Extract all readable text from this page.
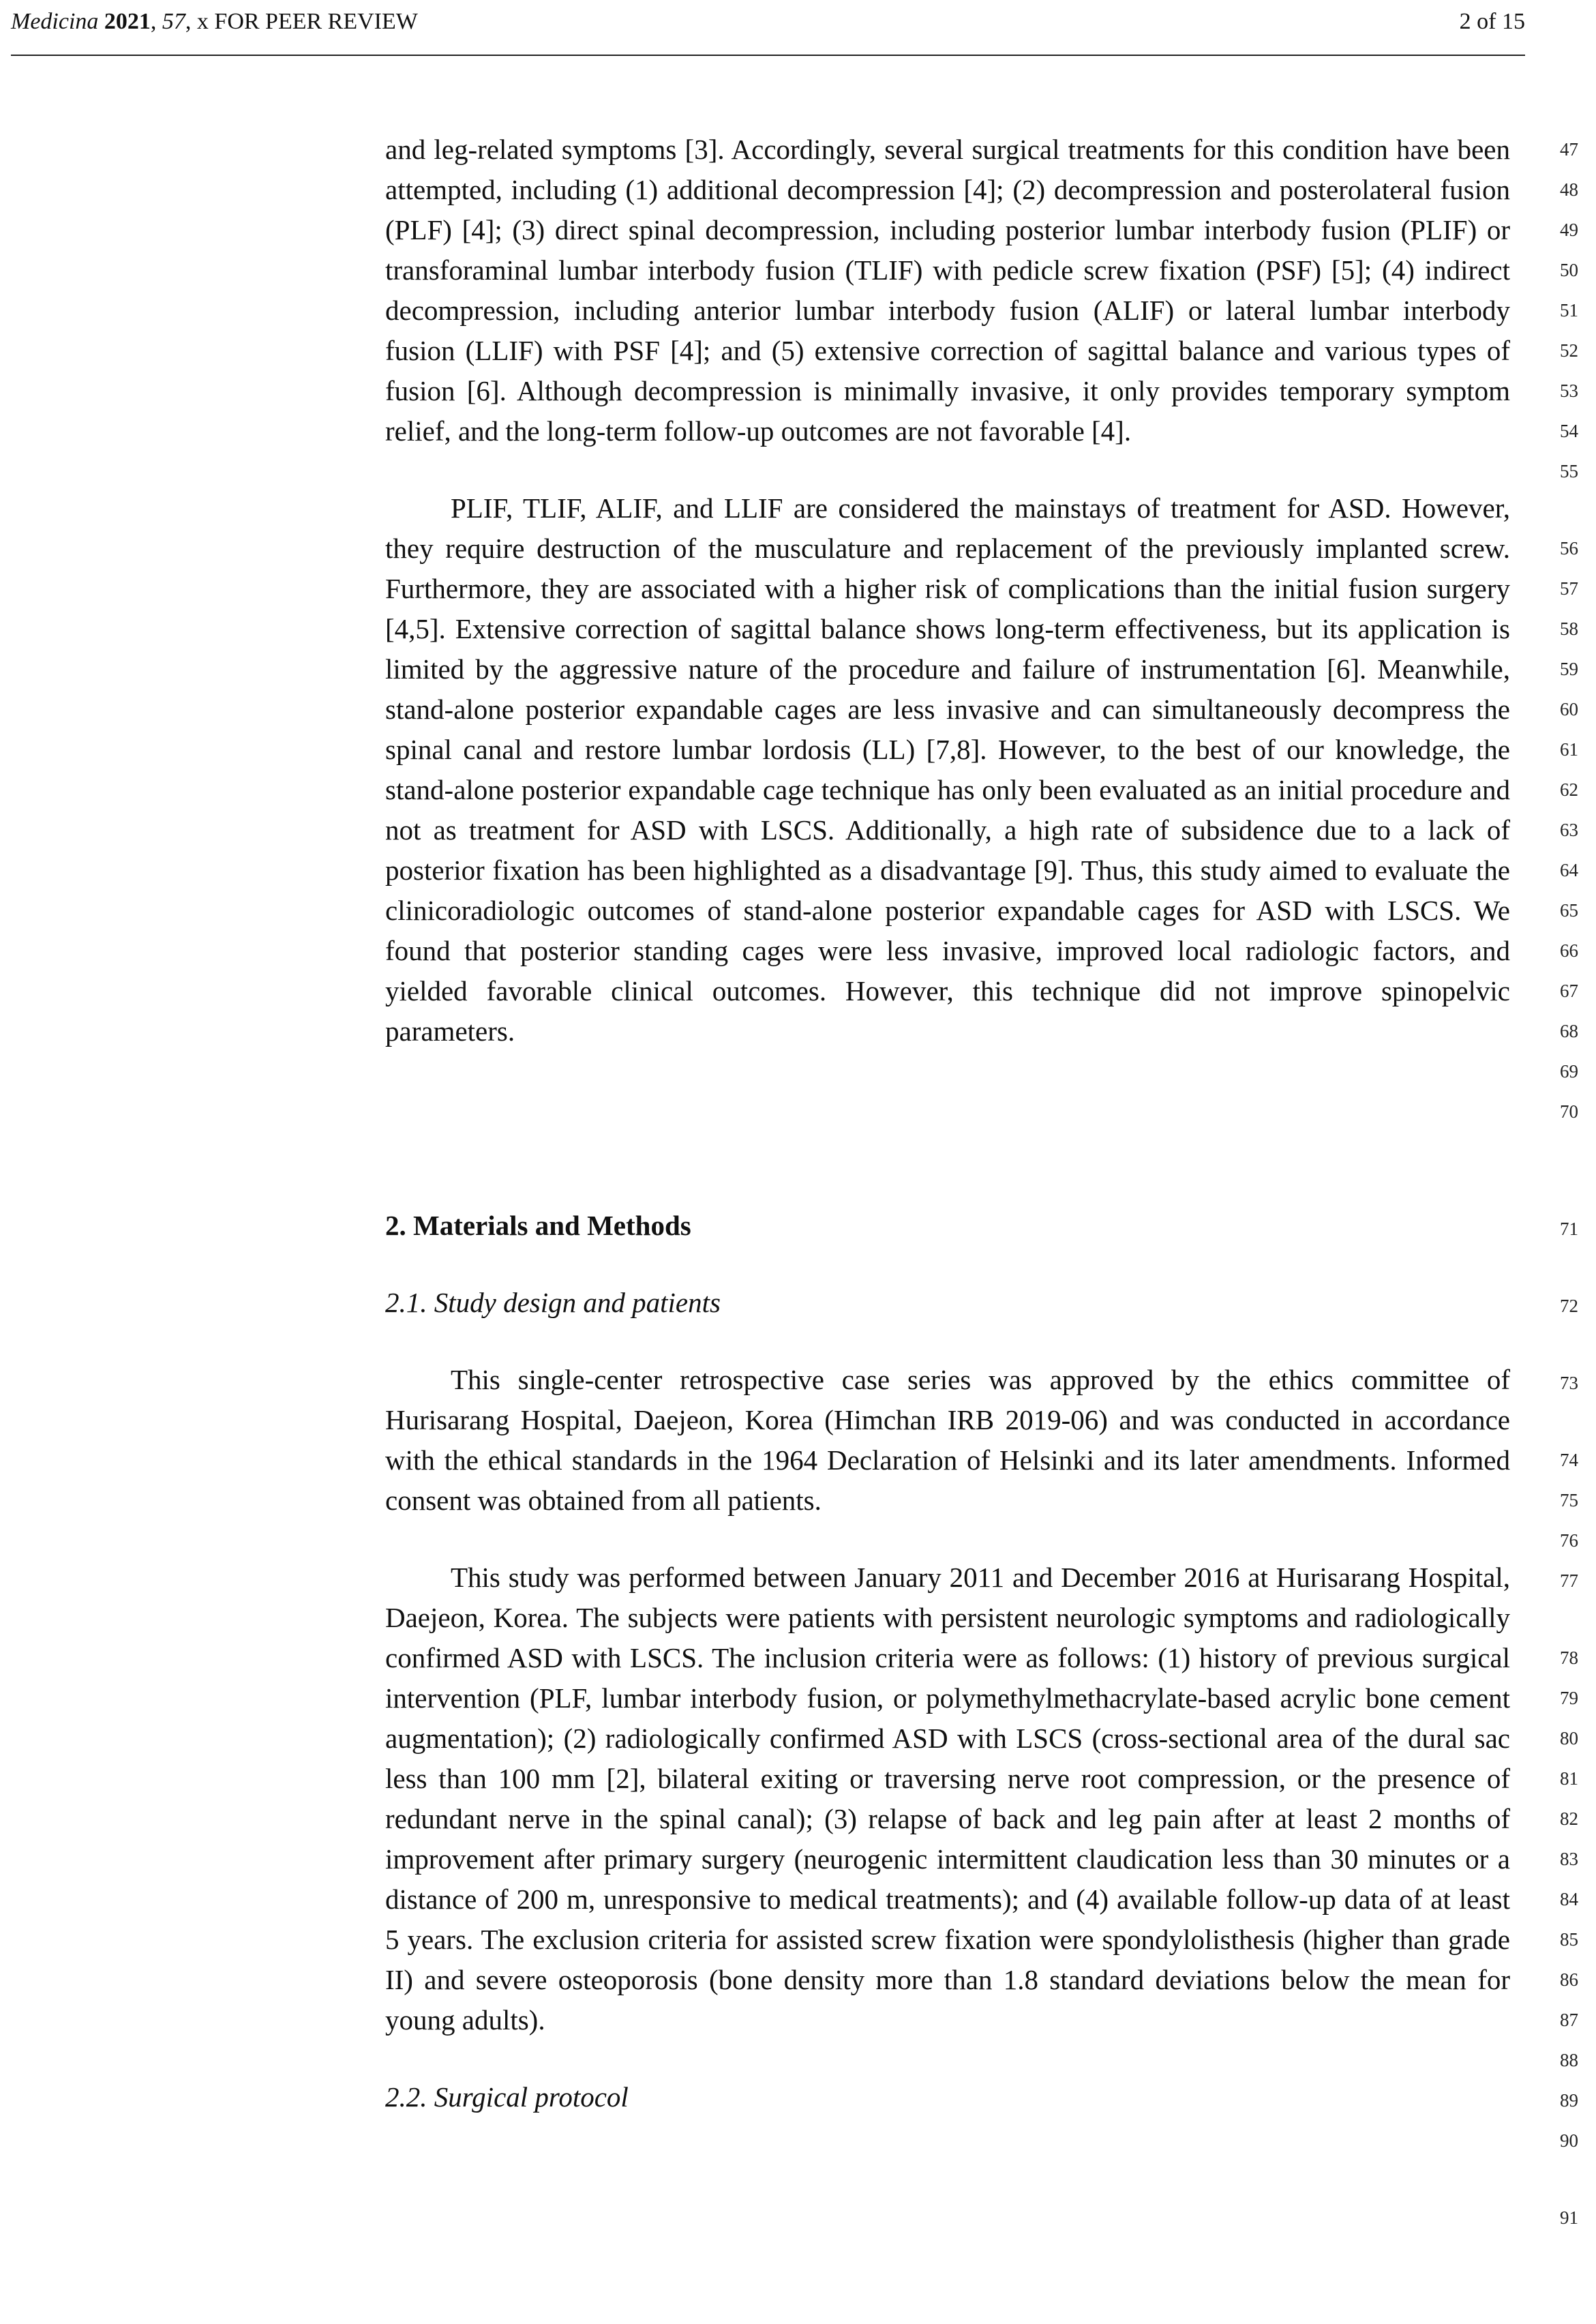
Medicina 2021, 57, x FOR PEER REVIEW	2 of 15

and leg-related symptoms [3]. Accordingly, several surgical treatments for this condition have been attempted, including (1) additional decompression [4]; (2) decompression and posterolateral fusion (PLF) [4]; (3) direct spinal decompression, including posterior lumbar interbody fusion (PLIF) or transforaminal lumbar interbody fusion (TLIF) with pedicle screw fixation (PSF) [5]; (4) indirect decompression, including anterior lumbar interbody fusion (ALIF) or lateral lumbar interbody fusion (LLIF) with PSF [4]; and (5) extensive correction of sagittal balance and various types of fusion [6]. Although decompression is minimally invasive, it only provides temporary symptom relief, and the long-term follow-up outcomes are not favorable [4].

PLIF, TLIF, ALIF, and LLIF are considered the mainstays of treatment for ASD. However, they require destruction of the musculature and replacement of the previously implanted screw. Furthermore, they are associated with a higher risk of complications than the initial fusion surgery [4,5]. Extensive correction of sagittal balance shows long-term effectiveness, but its application is limited by the aggressive nature of the procedure and failure of instrumentation [6]. Meanwhile, stand-alone posterior expandable cages are less invasive and can simultaneously decompress the spinal canal and restore lumbar lordosis (LL) [7,8]. However, to the best of our knowledge, the stand-alone posterior expandable cage technique has only been evaluated as an initial procedure and not as treatment for ASD with LSCS. Additionally, a high rate of subsidence due to a lack of posterior fixation has been highlighted as a disadvantage [9]. Thus, this study aimed to evaluate the clinicoradiologic outcomes of stand-alone posterior expandable cages for ASD with LSCS. We found that posterior standing cages were less invasive, improved local radiologic factors, and yielded favorable clinical outcomes. However, this technique did not improve spinopelvic parameters.

2. Materials and Methods

2.1. Study design and patients

This single-center retrospective case series was approved by the ethics committee of Hurisarang Hospital, Daejeon, Korea (Himchan IRB 2019-06) and was conducted in accordance with the ethical standards in the 1964 Declaration of Helsinki and its later amendments. Informed consent was obtained from all patients.

This study was performed between January 2011 and December 2016 at Hurisarang Hospital, Daejeon, Korea. The subjects were patients with persistent neurologic symptoms and radiologically confirmed ASD with LSCS. The inclusion criteria were as follows: (1) history of previous surgical intervention (PLF, lumbar interbody fusion, or polymethylmethacrylate-based acrylic bone cement augmentation); (2) radiologically confirmed ASD with LSCS (cross-sectional area of the dural sac less than 100 mm [2], bilateral exiting or traversing nerve root compression, or the presence of redundant nerve in the spinal canal); (3) relapse of back and leg pain after at least 2 months of improvement after primary surgery (neurogenic intermittent claudication less than 30 minutes or a distance of 200 m, unresponsive to medical treatments); and (4) available follow-up data of at least 5 years. The exclusion criteria for assisted screw fixation were spondylolisthesis (higher than grade II) and severe osteoporosis (bone density more than 1.8 standard deviations below the mean for young adults).

2.2. Surgical protocol

47
48
49
50
51
52
53
54
55
56
57
58
59
60
61
62
63
64
65
66
67
68
69
70
71
72
73
74
75
76
77
78
79
80
81
82
83
84
85
86
87
88
89
90
91
